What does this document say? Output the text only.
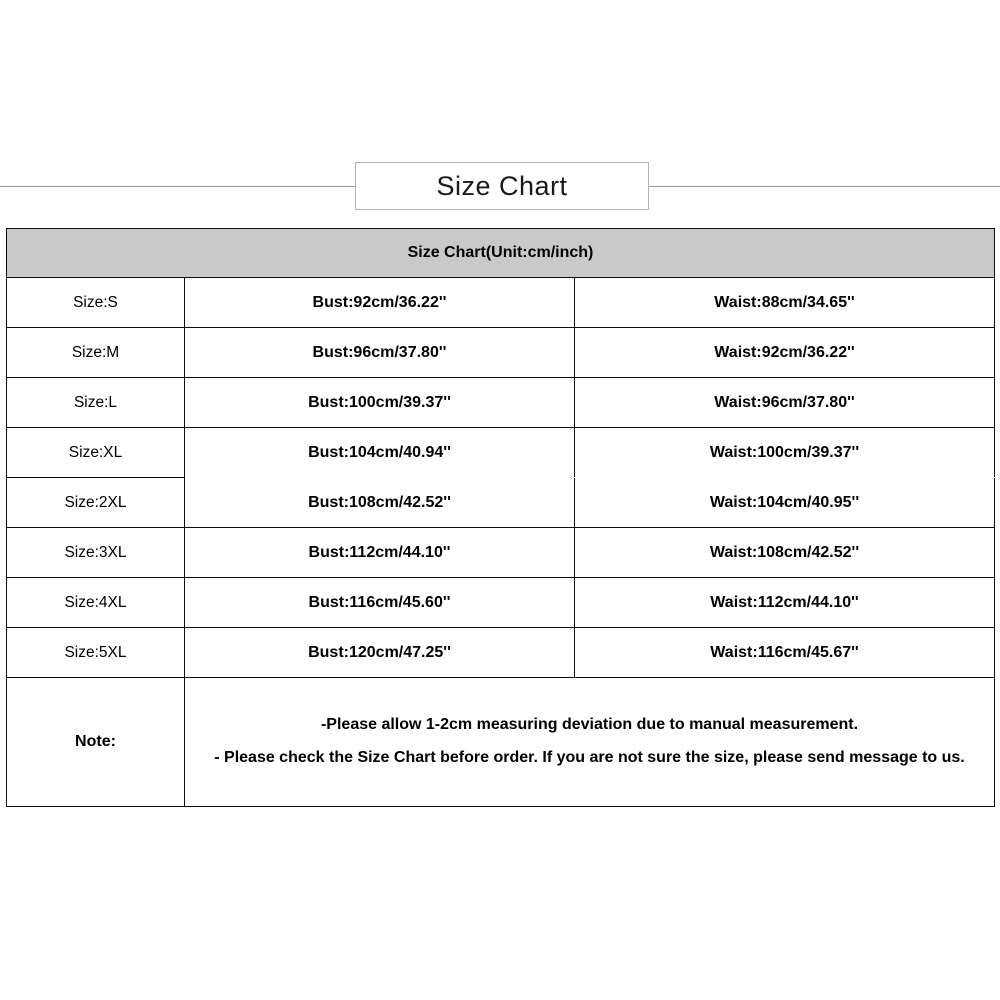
Size Chart
Size Chart(Unit:cm/inch)		
Size:S	Bust:92cm/36.22''	Waist:88cm/34.65''
Size:M	Bust:96cm/37.80''	Waist:92cm/36.22''
Size:L	Bust:100cm/39.37''	Waist:96cm/37.80''
Size:XL	Bust:104cm/40.94''	Waist:100cm/39.37''
Size:2XL	Bust:108cm/42.52''	Waist:104cm/40.95''
Size:3XL	Bust:112cm/44.10''	Waist:108cm/42.52''
Size:4XL	Bust:116cm/45.60''	Waist:112cm/44.10''
Size:5XL	Bust:120cm/47.25''	Waist:116cm/45.67''
Note:	-Please allow 1-2cm measuring deviation due to manual measurement.
- Please check the Size Chart before order. If you are not sure the size, please send message to us.	
